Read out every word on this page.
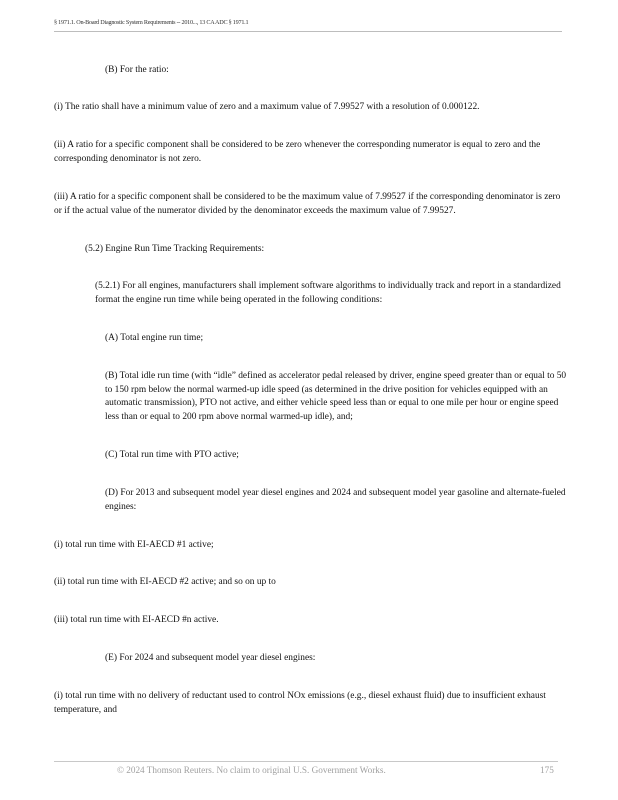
§ 1971.1. On-Board Diagnostic System Requirements -- 2010..., 13 CA ADC § 1971.1

(B) For the ratio:

(i) The ratio shall have a minimum value of zero and a maximum value of 7.99527 with a resolution of 0.000122.

(ii) A ratio for a specific component shall be considered to be zero whenever the corresponding numerator is equal to zero and the corresponding denominator is not zero.

(iii) A ratio for a specific component shall be considered to be the maximum value of 7.99527 if the corresponding denominator is zero or if the actual value of the numerator divided by the denominator exceeds the maximum value of 7.99527.

(5.2) Engine Run Time Tracking Requirements:

(5.2.1) For all engines, manufacturers shall implement software algorithms to individually track and report in a standardized format the engine run time while being operated in the following conditions:

(A) Total engine run time;

(B) Total idle run time (with “idle” defined as accelerator pedal released by driver, engine speed greater than or equal to 50 to 150 rpm below the normal warmed-up idle speed (as determined in the drive position for vehicles equipped with an automatic transmission), PTO not active, and either vehicle speed less than or equal to one mile per hour or engine speed less than or equal to 200 rpm above normal warmed-up idle), and;

(C) Total run time with PTO active;

(D) For 2013 and subsequent model year diesel engines and 2024 and subsequent model year gasoline and alternate-fueled engines:

(i) total run time with EI-AECD #1 active;

(ii) total run time with EI-AECD #2 active; and so on up to

(iii) total run time with EI-AECD #n active.

(E) For 2024 and subsequent model year diesel engines:

(i) total run time with no delivery of reductant used to control NOx emissions (e.g., diesel exhaust fluid) due to insufficient exhaust temperature, and

© 2024 Thomson Reuters. No claim to original U.S. Government Works.	175
